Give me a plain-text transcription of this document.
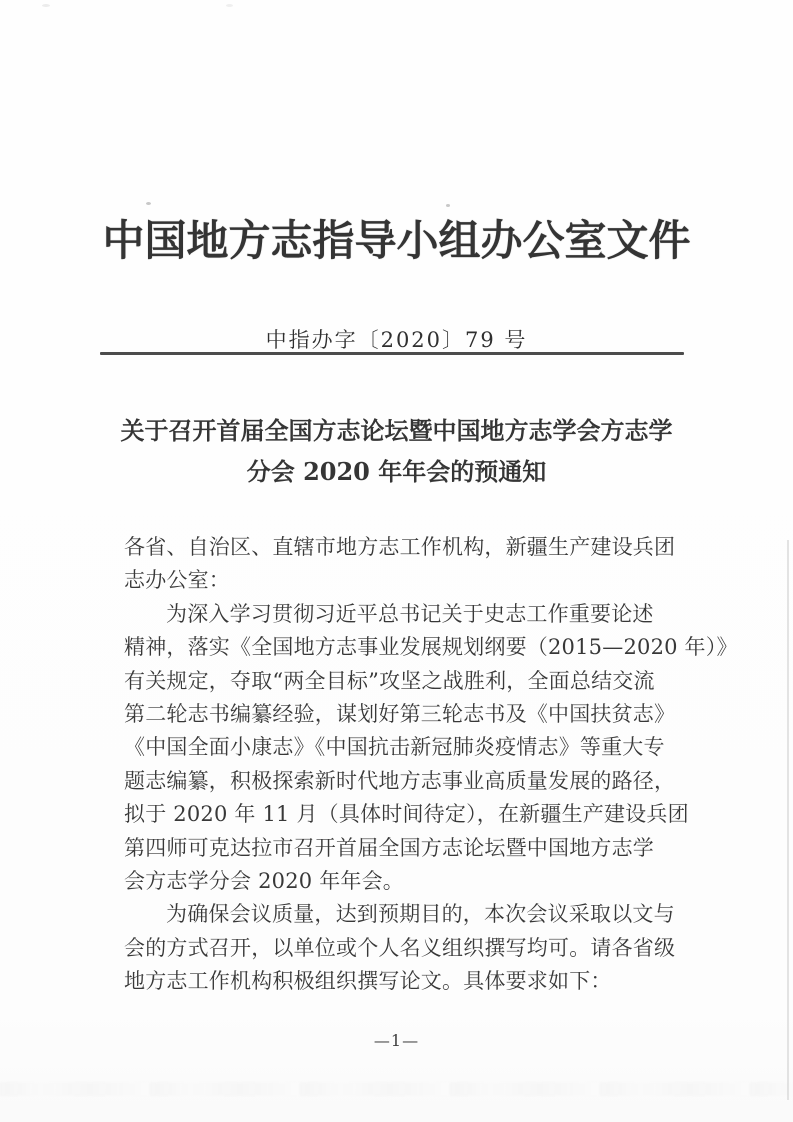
中国地方志指导小组办公室文件
中指办字〔2020〕79 号
关于召开首届全国方志论坛暨中国地方志学会方志学
分会 2020 年年会的预通知
各省、自治区、直辖市地方志工作机构，新疆生产建设兵团
志办公室：
为深入学习贯彻习近平总书记关于史志工作重要论述
精神，落实《全国地方志事业发展规划纲要（2015—2020 年）》
有关规定，夺取“两全目标”攻坚之战胜利，全面总结交流
第二轮志书编纂经验，谋划好第三轮志书及《中国扶贫志》
《中国全面小康志》《中国抗击新冠肺炎疫情志》等重大专
题志编纂，积极探索新时代地方志事业高质量发展的路径，
拟于 2020 年 11 月（具体时间待定），在新疆生产建设兵团
第四师可克达拉市召开首届全国方志论坛暨中国地方志学
会方志学分会 2020 年年会。
为确保会议质量，达到预期目的，本次会议采取以文与
会的方式召开，以单位或个人名义组织撰写均可。请各省级
地方志工作机构积极组织撰写论文。具体要求如下：
—1—
